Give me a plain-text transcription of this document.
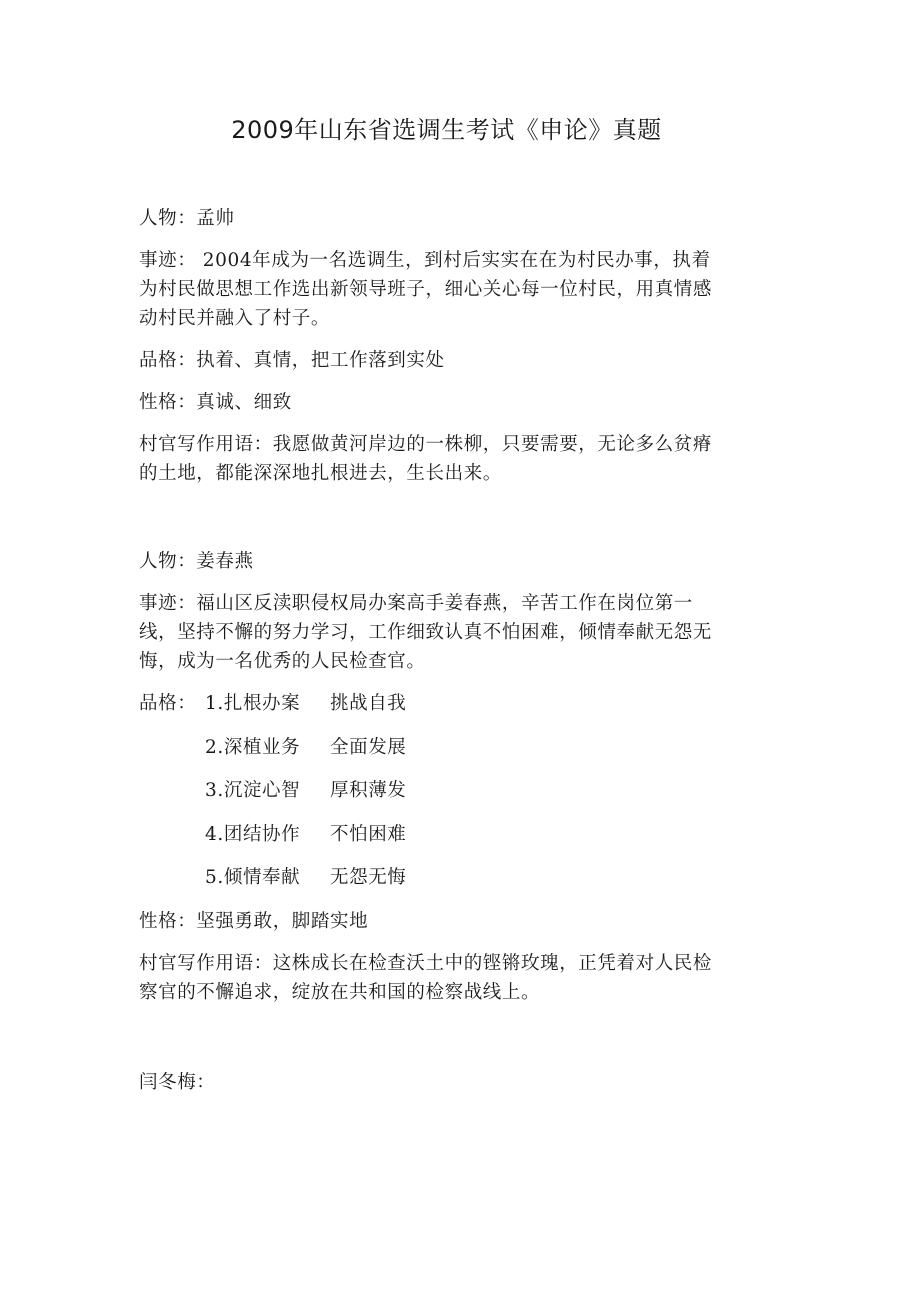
2009年山东省选调生考试《申论》真题

人物：孟帅

事迹： 2004年成为一名选调生，到村后实实在在为村民办事，执着为村民做思想工作选出新领导班子，细心关心每一位村民，用真情感动村民并融入了村子。

品格：执着、真情，把工作落到实处

性格：真诚、细致

村官写作用语：我愿做黄河岸边的一株柳，只要需要，无论多么贫瘠的土地，都能深深地扎根进去，生长出来。

人物：姜春燕

事迹：福山区反渎职侵权局办案高手姜春燕，辛苦工作在岗位第一线，坚持不懈的努力学习，工作细致认真不怕困难，倾情奉献无怨无悔，成为一名优秀的人民检查官。

品格： 1.扎根办案 挑战自我
2.深植业务 全面发展
3.沉淀心智 厚积薄发
4.团结协作 不怕困难
5.倾情奉献 无怨无悔

性格：坚强勇敢，脚踏实地

村官写作用语：这株成长在检查沃土中的铿锵玫瑰，正凭着对人民检察官的不懈追求，绽放在共和国的检察战线上。

闫冬梅：
